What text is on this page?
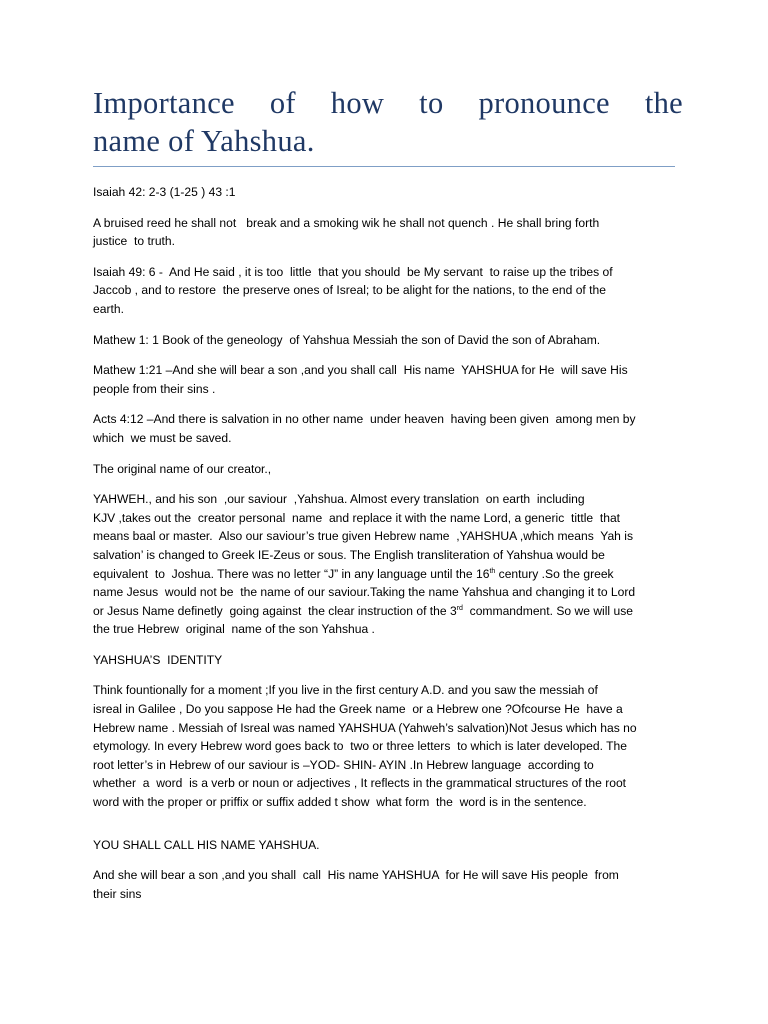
Importance of how to pronounce the
name of Yahshua.

Isaiah 42: 2-3 (1-25 ) 43 :1

A bruised reed he shall not   break and a smoking wik he shall not quench . He shall bring forth
justice  to truth.

Isaiah 49: 6 -  And He said , it is too  little  that you should  be My servant  to raise up the tribes of
Jaccob , and to restore  the preserve ones of Isreal; to be alight for the nations, to the end of the
earth.

Mathew 1: 1 Book of the geneology  of Yahshua Messiah the son of David the son of Abraham.

Mathew 1:21 –And she will bear a son ,and you shall call  His name  YAHSHUA for He  will save His
people from their sins .

Acts 4:12 –And there is salvation in no other name  under heaven  having been given  among men by
which  we must be saved.

The original name of our creator.,

YAHWEH., and his son  ,our saviour  ,Yahshua. Almost every translation  on earth  including
KJV ,takes out the  creator personal  name  and replace it with the name Lord, a generic  tittle  that
means baal or master.  Also our saviour’s true given Hebrew name  ,YAHSHUA ,which means  Yah is
salvation’ is changed to Greek IE-Zeus or sous. The English transliteration of Yahshua would be
equivalent  to  Joshua. There was no letter “J” in any language until the 16th century .So the greek
name Jesus  would not be  the name of our saviour.Taking the name Yahshua and changing it to Lord
or Jesus Name definetly  going against  the clear instruction of the 3rd  commandment. So we will use
the true Hebrew  original  name of the son Yahshua .

YAHSHUA’S  IDENTITY

Think fountionally for a moment ;If you live in the first century A.D. and you saw the messiah of
isreal in Galilee , Do you sappose He had the Greek name  or a Hebrew one ?Ofcourse He  have a
Hebrew name . Messiah of Isreal was named YAHSHUA (Yahweh’s salvation)Not Jesus which has no
etymology. In every Hebrew word goes back to  two or three letters  to which is later developed. The
root letter’s in Hebrew of our saviour is –YOD- SHIN- AYIN .In Hebrew language  according to
whether  a  word  is a verb or noun or adjectives , It reflects in the grammatical structures of the root
word with the proper or priffix or suffix added t show  what form  the  word is in the sentence.

YOU SHALL CALL HIS NAME YAHSHUA.

And she will bear a son ,and you shall  call  His name YAHSHUA  for He will save His people  from
their sins
